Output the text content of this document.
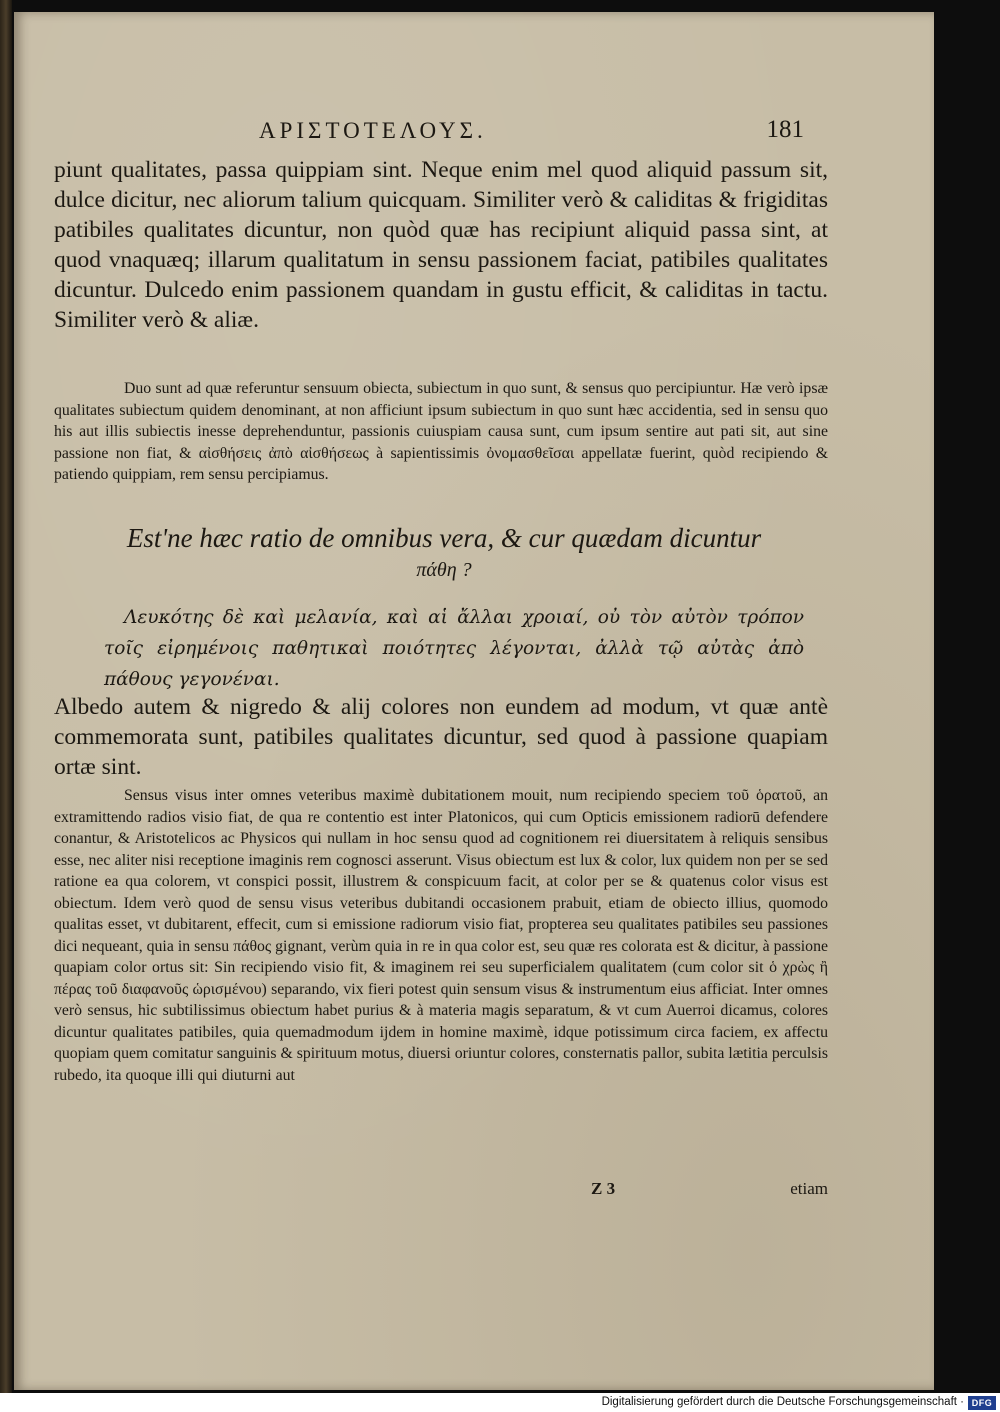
ΑΡΙΣΤΟΤΕΛΟΥΣ.	181

piunt qualitates, passa quippiam sint. Neque enim mel quod aliquid passum sit, dulce dicitur, nec aliorum talium quicquam. Similiter verò & caliditas & frigiditas patibiles qualitates dicuntur, non quòd quæ has recipiunt aliquid passa sint, at quod vnaquæq; illarum qualitatum in sensu passionem faciat, patibiles qualitates dicuntur. Dulcedo enim passionem quandam in gustu efficit, & caliditas in tactu. Similiter verò & aliæ.

Duo sunt ad quæ referuntur sensuum obiecta, subiectum in quo sunt, & sensus quo percipiuntur. Hæ verò ipsæ qualitates subiectum quidem denominant, at non afficiunt ipsum subiectum in quo sunt hæc accidentia, sed in sensu quo his aut illis subiectis inesse deprehenduntur, passionis cuiuspiam causa sunt, cum ipsum sentire aut pati sit, aut sine passione non fiat, & αἰσθήσεις ἀπὸ αἰσθήσεως à sapientissimis ὀνομασθεῖσαι appellatæ fuerint, quòd recipiendo & patiendo quippiam, rem sensu percipiamus.

Est'ne hæc ratio de omnibus vera, & cur quædam dicuntur
πάθη ?

Λευκότης δὲ καὶ μελανία, καὶ αἱ ἄλλαι χροιαί, οὐ τὸν αὐτὸν τρόπον τοῖς εἰρημένοις παθητικαὶ ποιότητες λέγονται, ἀλλὰ τῷ αὐτὰς ἀπὸ πάθους γεγονέναι.

Albedo autem & nigredo & alij colores non eundem ad modum, vt quæ antè commemorata sunt, patibiles qualitates dicuntur, sed quod à passione quapiam ortæ sint.

Sensus visus inter omnes veteribus maximè dubitationem mouit, num recipiendo speciem τοῦ ὁρατοῦ, an extramittendo radios visio fiat, de qua re contentio est inter Platonicos, qui cum Opticis emissionem radiorū defendere conantur, & Aristotelicos ac Physicos qui nullam in hoc sensu quod ad cognitionem rei diuersitatem à reliquis sensibus esse, nec aliter nisi receptione imaginis rem cognosci asserunt. Visus obiectum est lux & color, lux quidem non per se sed ratione ea qua colorem, vt conspici possit, illustrem & conspicuum facit, at color per se & quatenus color visus est obiectum. Idem verò quod de sensu visus veteribus dubitandi occasionem prabuit, etiam de obiecto illius, quomodo qualitas esset, vt dubitarent, effecit, cum si emissione radiorum visio fiat, propterea seu qualitates patibiles seu passiones dici nequeant, quia in sensu πάθος gignant, verùm quia in re in qua color est, seu quæ res colorata est & dicitur, à passione quapiam color ortus sit: Sin recipiendo visio fit, & imaginem rei seu superficialem qualitatem (cum color sit ὁ χρὼς ἢ πέρας τοῦ διαφανοῦς ὡρισμένου) separando, vix fieri potest quin sensum visus & instrumentum eius afficiat. Inter omnes verò sensus, hic subtilissimus obiectum habet purius & à materia magis separatum, & vt cum Auerroi dicamus, colores dicuntur qualitates patibiles, quia quemadmodum ijdem in homine maximè, idque potissimum circa faciem, ex affectu quopiam quem comitatur sanguinis & spirituum motus, diuersi oriuntur colores, consternatis pallor, subita lætitia perculsis rubedo, ita quoque illi qui diuturni aut

Z 3	etiam
Digitalisierung gefördert durch die Deutsche Forschungsgemeinschaft · DFG
